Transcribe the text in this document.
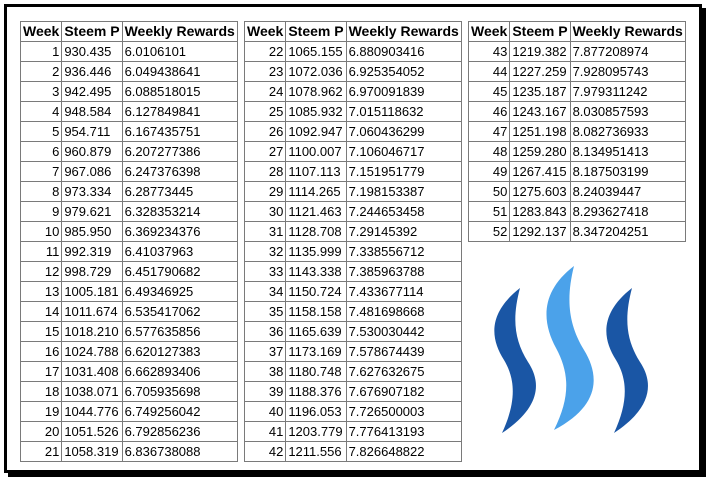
Week	Steem P	Weekly Rewards
1	930.435	6.0106101
2	936.446	6.049438641
3	942.495	6.088518015
4	948.584	6.127849841
5	954.711	6.167435751
6	960.879	6.207277386
7	967.086	6.247376398
8	973.334	6.28773445
9	979.621	6.328353214
10	985.950	6.369234376
11	992.319	6.41037963
12	998.729	6.451790682
13	1005.181	6.49346925
14	1011.674	6.535417062
15	1018.210	6.577635856
16	1024.788	6.620127383
17	1031.408	6.662893406
18	1038.071	6.705935698
19	1044.776	6.749256042
20	1051.526	6.792856236
21	1058.319	6.836738088
Week	Steem P	Weekly Rewards
22	1065.155	6.880903416
23	1072.036	6.925354052
24	1078.962	6.970091839
25	1085.932	7.015118632
26	1092.947	7.060436299
27	1100.007	7.106046717
28	1107.113	7.151951779
29	1114.265	7.198153387
30	1121.463	7.244653458
31	1128.708	7.29145392
32	1135.999	7.338556712
33	1143.338	7.385963788
34	1150.724	7.433677114
35	1158.158	7.481698668
36	1165.639	7.530030442
37	1173.169	7.578674439
38	1180.748	7.627632675
39	1188.376	7.676907182
40	1196.053	7.726500003
41	1203.779	7.776413193
42	1211.556	7.826648822
Week	Steem P	Weekly Rewards
43	1219.382	7.877208974
44	1227.259	7.928095743
45	1235.187	7.979311242
46	1243.167	8.030857593
47	1251.198	8.082736933
48	1259.280	8.134951413
49	1267.415	8.187503199
50	1275.603	8.24039447
51	1283.843	8.293627418
52	1292.137	8.347204251
